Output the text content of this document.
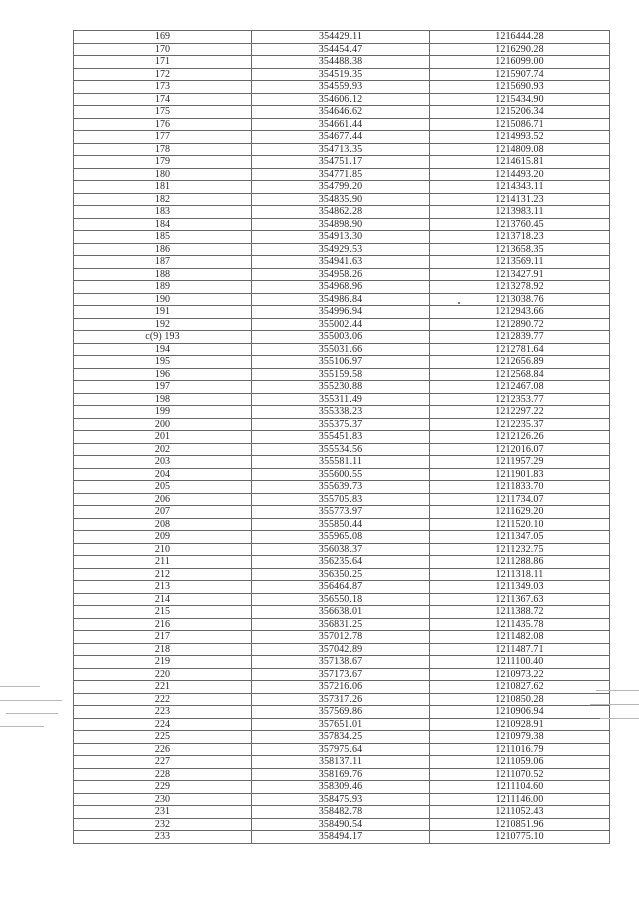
169	354429.11	1216444.28
170	354454.47	1216290.28
171	354488.38	1216099.00
172	354519.35	1215907.74
173	354559.93	1215690.93
174	354606.12	1215434.90
175	354646.62	1215206.34
176	354661.44	1215086.71
177	354677.44	1214993.52
178	354713.35	1214809.08
179	354751.17	1214615.81
180	354771.85	1214493.20
181	354799.20	1214343.11
182	354835.90	1214131.23
183	354862.28	1213983.11
184	354898.90	1213760.45
185	354913.30	1213718.23
186	354929.53	1213658.35
187	354941.63	1213569.11
188	354958.26	1213427.91
189	354968.96	1213278.92
190	354986.84	1213038.76
191	354996.94	1212943.66
192	355002.44	1212890.72
с(9) 193	355003.06	1212839.77
194	355031.66	1212781.64
195	355106.97	1212656.89
196	355159.58	1212568.84
197	355230.88	1212467.08
198	355311.49	1212353.77
199	355338.23	1212297.22
200	355375.37	1212235.37
201	355451.83	1212126.26
202	355534.56	1212016.07
203	355581.11	1211957.29
204	355600.55	1211901.83
205	355639.73	1211833.70
206	355705.83	1211734.07
207	355773.97	1211629.20
208	355850.44	1211520.10
209	355965.08	1211347.05
210	356038.37	1211232.75
211	356235.64	1211288.86
212	356350.25	1211318.11
213	356464.87	1211349.03
214	356550.18	1211367.63
215	356638.01	1211388.72
216	356831.25	1211435.78
217	357012.78	1211482.08
218	357042.89	1211487.71
219	357138.67	1211100.40
220	357173.67	1210973.22
221	357216.06	1210827.62
222	357317.26	1210850.28
223	357569.86	1210906.94
224	357651.01	1210928.91
225	357834.25	1210979.38
226	357975.64	1211016.79
227	358137.11	1211059.06
228	358169.76	1211070.52
229	358309.46	1211104.60
230	358475.93	1211146.00
231	358482.78	1211052.43
232	358490.54	1210851.96
233	358494.17	1210775.10
